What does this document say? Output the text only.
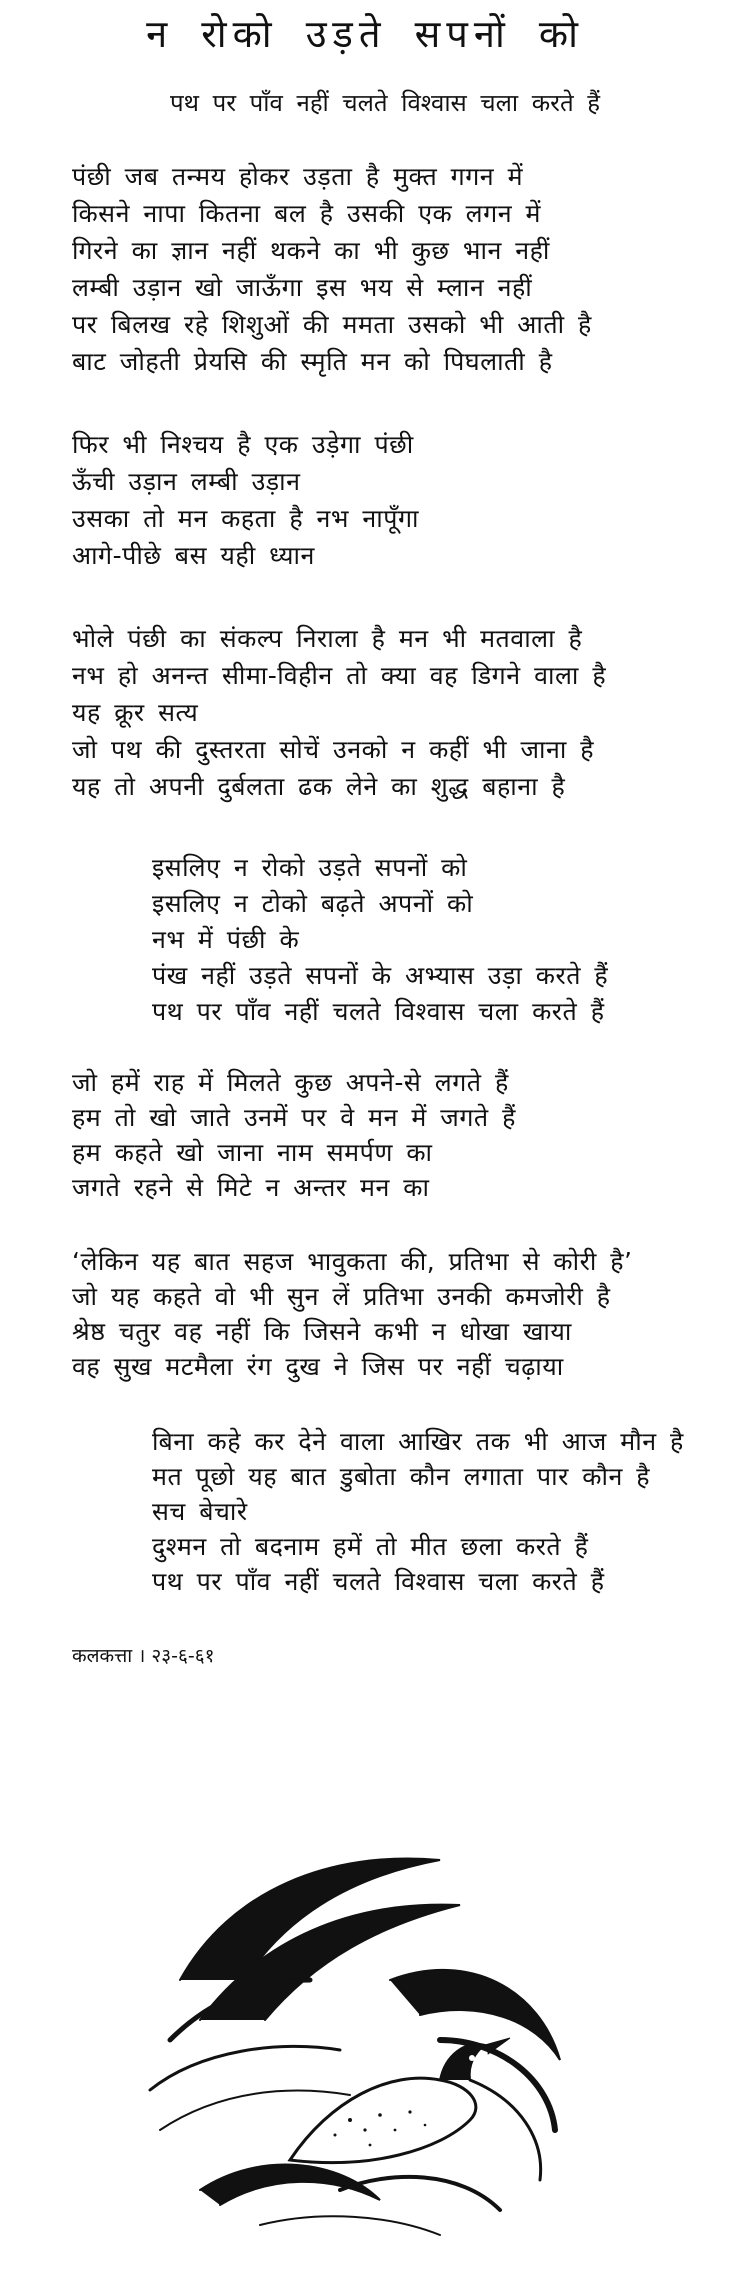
न रोको उड़ते सपनों को
पथ पर पाँव नहीं चलते विश्वास चला करते हैं
पंछी जब तन्मय होकर उड़ता है मुक्त गगन में
किसने नापा कितना बल है उसकी एक लगन में
गिरने का ज्ञान नहीं थकने का भी कुछ भान नहीं
लम्बी उड़ान खो जाऊँगा इस भय से म्लान नहीं
पर बिलख रहे शिशुओं की ममता उसको भी आती है
बाट जोहती प्रेयसि की स्मृति मन को पिघलाती है
फिर भी निश्चय है एक उड़ेगा पंछी
ऊँची उड़ान लम्बी उड़ान
उसका तो मन कहता है नभ नापूँगा
आगे-पीछे बस यही ध्यान
भोले पंछी का संकल्प निराला है मन भी मतवाला है
नभ हो अनन्त सीमा-विहीन तो क्या वह डिगने वाला है
यह क्रूर सत्य
जो पथ की दुस्तरता सोचें उनको न कहीं भी जाना है
यह तो अपनी दुर्बलता ढक लेने का शुद्ध बहाना है
इसलिए न रोको उड़ते सपनों को
इसलिए न टोको बढ़ते अपनों को
नभ में पंछी के
पंख नहीं उड़ते सपनों के अभ्यास उड़ा करते हैं
पथ पर पाँव नहीं चलते विश्वास चला करते हैं
जो हमें राह में मिलते कुछ अपने-से लगते हैं
हम तो खो जाते उनमें पर वे मन में जगते हैं
हम कहते खो जाना नाम समर्पण का
जगते रहने से मिटे न अन्तर मन का
‘लेकिन यह बात सहज भावुकता की, प्रतिभा से कोरी है’
जो यह कहते वो भी सुन लें प्रतिभा उनकी कमजोरी है
श्रेष्ठ चतुर वह नहीं कि जिसने कभी न धोखा खाया
वह सुख मटमैला रंग दुख ने जिस पर नहीं चढ़ाया
बिना कहे कर देने वाला आखिर तक भी आज मौन है
मत पूछो यह बात डुबोता कौन लगाता पार कौन है
सच बेचारे
दुश्मन तो बदनाम हमें तो मीत छला करते हैं
पथ पर पाँव नहीं चलते विश्वास चला करते हैं
कलकत्ता । २३-६-६१
